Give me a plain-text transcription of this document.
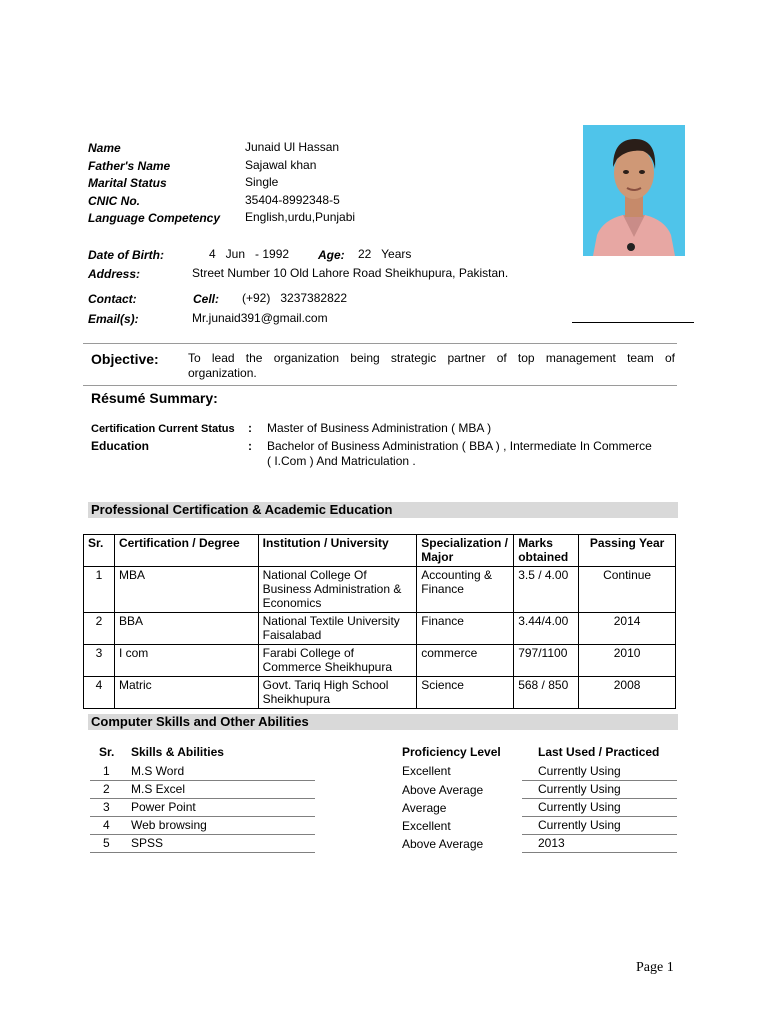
Name	Junaid Ul Hassan
Father's Name	Sajawal khan
Marital Status	Single
CNIC No.	35404-8992348-5
Language Competency English,urdu,Punjabi
Date of Birth:	4   Jun   - 1992 Age: 22   Years
Address:	Street Number 10 Old Lahore Road Sheikhupura, Pakistan.
Contact:	Cell: (+92)   3237382822
Email(s):	Mr.junaid391@gmail.com
Objective: To lead the organization being strategic partner of top management team of
organization.
Résumé Summary:
Certification Current Status : Master of Business Administration ( MBA )
Education	: Bachelor of Business Administration ( BBA ) , Intermediate In Commerce
( I.Com ) And Matriculation .
Professional Certification & Academic Education
Sr.	Certification / Degree	Institution / University	Specialization / Major	Marks obtained	Passing Year
1	MBA	National College Of Business Administration & Economics	Accounting & Finance	3.5 / 4.00	Continue
2	BBA	National Textile University Faisalabad	Finance	3.44/4.00	2014
3	I com	Farabi College of Commerce Sheikhupura	commerce	797/1100	2010
4	Matric	Govt. Tariq High School Sheikhupura	Science	568 / 850	2008
Computer Skills and Other Abilities
Sr. Skills & Abilities	Proficiency Level	Last Used / Practiced
1 M.S Word	Excellent	Currently Using
2 M.S Excel	Above Average	Currently Using
3 Power Point	Average	Currently Using
4 Web browsing	Excellent	Currently Using
5 SPSS	Above Average	2013
Page 1
